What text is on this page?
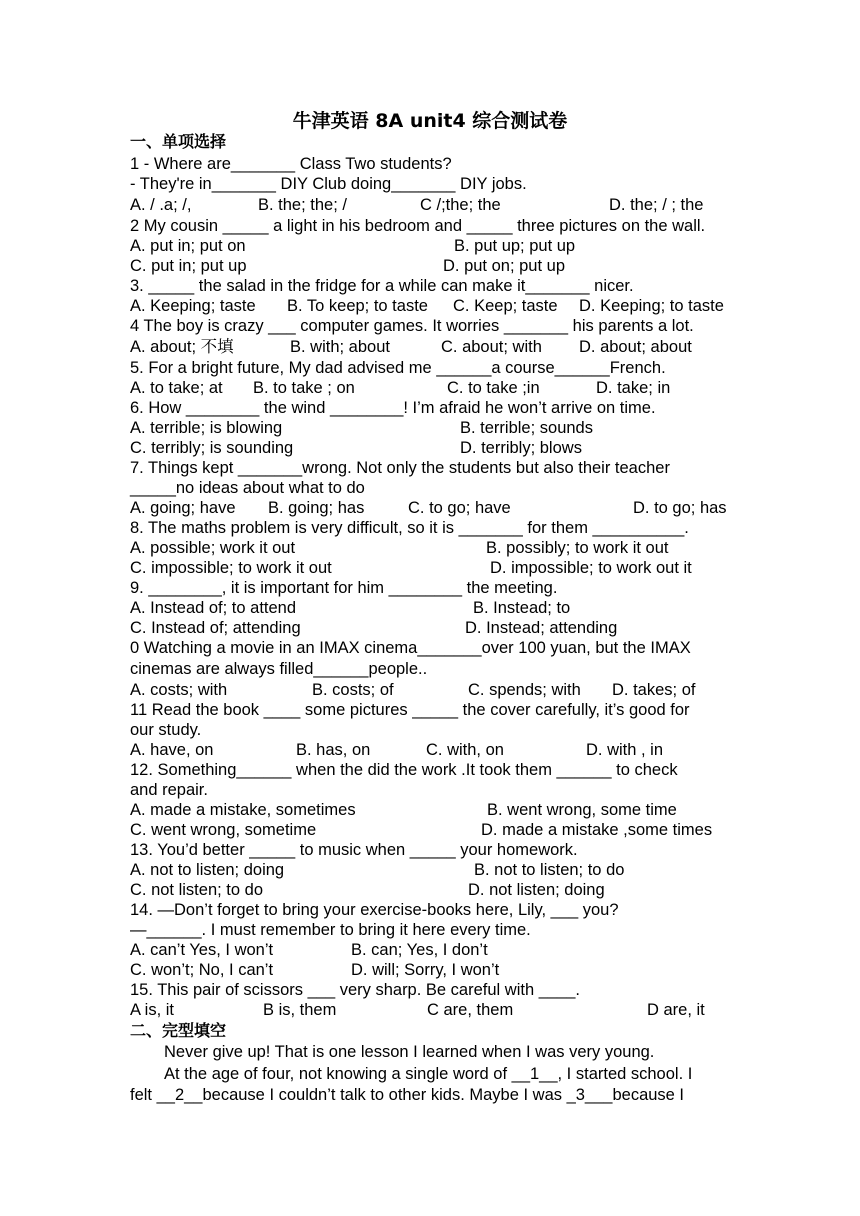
牛津英语 8A unit4 综合测试卷
一、单项选择
1 - Where are_______ Class Two students?
- They're in_______ DIY Club doing_______ DIY jobs.
A. / .a; /,	B. the; the; /	C /;the; the	D. the; / ; the
2 My cousin _____ a light in his bedroom and _____ three pictures on the wall.
A. put in; put on	B. put up; put up
C. put in; put up	D. put on; put up
3. _____ the salad in the fridge for a while can make it_______ nicer.
A. Keeping; taste B. To keep; to taste C. Keep; taste D. Keeping; to taste
4 The boy is crazy ___ computer games. It worries _______ his parents a lot.
A. about; 不填	B. with; about	C. about; with D. about; about
5. For a bright future, My dad advised me ______a course______French.
A. to take; at B. to take ; on	C. to take ;in	D. take; in
6. How ________ the wind ________! I’m afraid he won’t arrive on time.
A. terrible; is blowing	B. terrible; sounds
C. terribly; is sounding	D. terribly; blows
7. Things kept _______wrong. Not only the students but also their teacher
_____no ideas about what to do
A. going; have B. going; has	C. to go; have	D. to go; has
8. The maths problem is very difficult, so it is _______ for them __________.
A. possible; work it out	B. possibly; to work it out
C. impossible; to work it out	D. impossible; to work out it
9. ________, it is important for him ________ the meeting.
A. Instead of; to attend	B. Instead; to
C. Instead of; attending	D. Instead; attending
0 Watching a movie in an IMAX cinema_______over 100 yuan, but the IMAX
cinemas are always filled______people..
A. costs; with	B. costs; of	C. spends; with D. takes; of
11 Read the book ____ some pictures _____ the cover carefully, it’s good for
our study.
A. have, on	B. has, on	C. with, on	D. with , in
12. Something______ when the did the work .It took them ______ to check
and repair.
A. made a mistake, sometimes	B. went wrong, some time
C. went wrong, sometime	D. made a mistake ,some times
13. You’d better _____ to music when _____ your homework.
A. not to listen; doing	B. not to listen; to do
C. not listen; to do	D. not listen; doing
14. —Don’t forget to bring your exercise-books here, Lily, ___ you?
—______. I must remember to bring it here every time.
A. can’t Yes, I won’t	B. can; Yes, I don’t
C. won’t; No, I can’t	D. will; Sorry, I won’t
15. This pair of scissors ___ very sharp. Be careful with ____.
A is, it	B is, them	C are, them	D are, it
二、完型填空
Never give up! That is one lesson I learned when I was very young.
At the age of four, not knowing a single word of __1__, I started school. I
felt __2__because I couldn’t talk to other kids. Maybe I was _3___because I
